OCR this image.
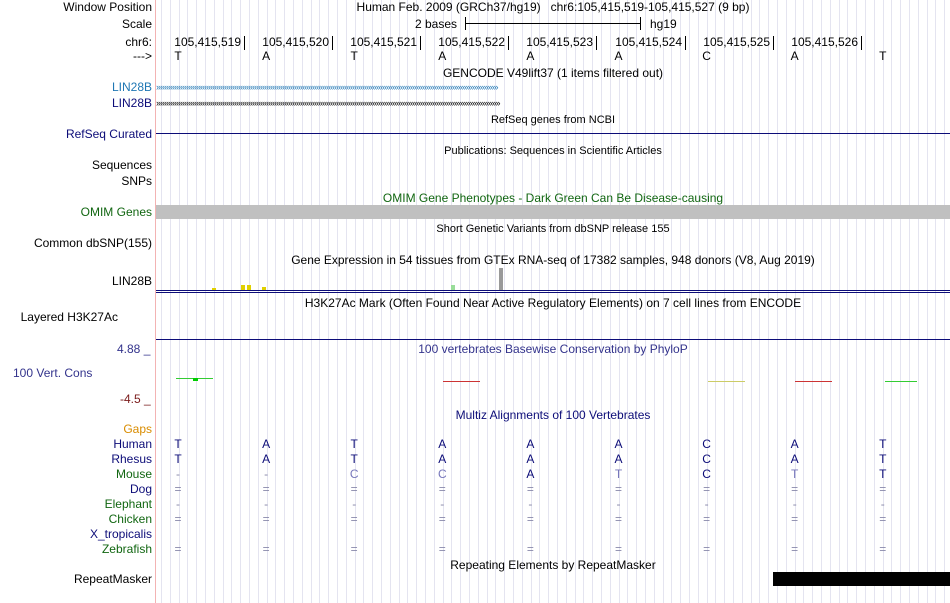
Window Position	Human Feb. 2009 (GRCh37/hg19)   chr6:105,415,519-105,415,527 (9 bp)
Scale	2 bases	hg19
chr6: 105,415,519 105,415,520 105,415,521 105,415,522 105,415,523 105,415,524 105,415,525 105,415,526
--->	T	A	T	A	A	A	C	A	T
GENCODE V49lift37 (1 items filtered out)
LIN28B ›››››››››››››››››››››››››››››››››››››››››››››››››››››››››››››››››››››››››››››››››››››››››››››››››››››››››››››››››››››››››››››››››››››››››››››››››››››››››››››››››››››››››››
LIN28B ››››››››››››››››››››››››››››››››››››››››››››››››››››››››››››››››››››››››››››››››››››››››››››››››››››››››››››››››››››››››››››››››››››››››››››››››››››››››››››››››››››››››››››
RefSeq genes from NCBI
RefSeq Curated
Publications: Sequences in Scientific Articles
Sequences
SNPs
OMIM Gene Phenotypes - Dark Green Can Be Disease-causing
OMIM Genes
Short Genetic Variants from dbSNP release 155
Common dbSNP(155)
Gene Expression in 54 tissues from GTEx RNA-seq of 17382 samples, 948 donors (V8, Aug 2019)
LIN28B
H3K27Ac Mark (Often Found Near Active Regulatory Elements) on 7 cell lines from ENCODE
Layered H3K27Ac
4.88 _	100 vertebrates Basewise Conservation by PhyloP
100 Vert. Cons
-4.5 _
Multiz Alignments of 100 Vertebrates
Gaps
Human	T	A	T	A	A	A	C	A	T
Rhesus	T	A	T	A	A	A	C	A	T
Mouse	-	-	C	C	A	T	C	T	T
Dog	=	=	=	=	=	=	=	=	=
Elephant	-	-	-	-	-	-	-	-	-
Chicken	=	=	=	=	=	=	=	=	=
X_tropicalis
Zebrafish	=	=	=	=	=	=	=	=	=
Repeating Elements by RepeatMasker
RepeatMasker
